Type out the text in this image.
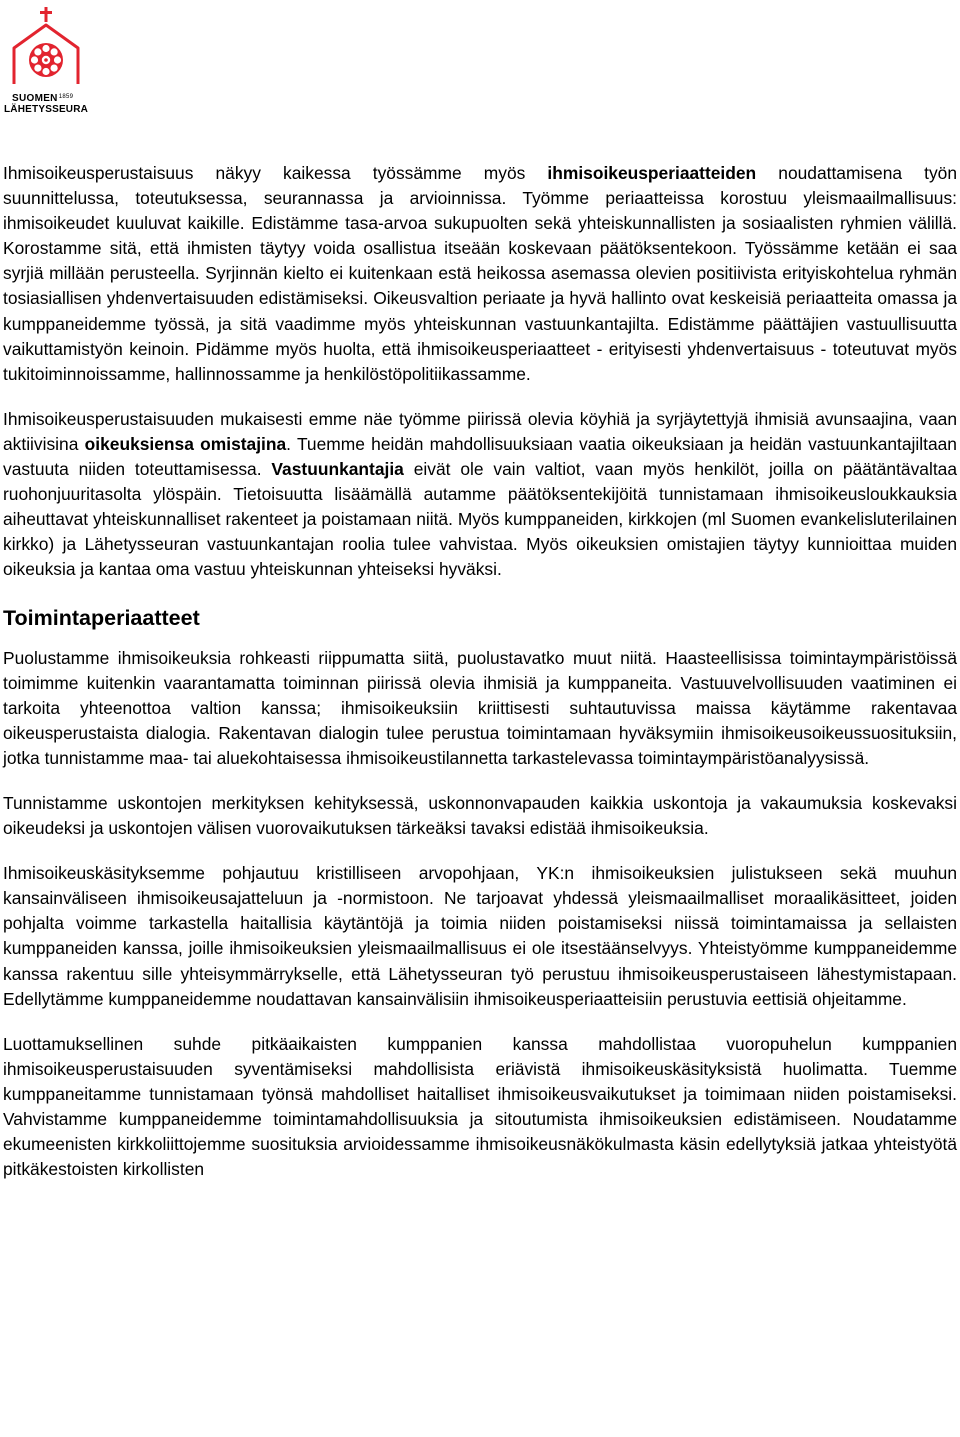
$SUOMEN^{1859}$
LÄHETYSSEURA

Ihmisoikeusperustaisuus näkyy kaikessa työssämme myös ihmisoikeusperiaatteiden noudattamisena työn suunnittelussa, toteutuksessa, seurannassa ja arvioinnissa. Työmme periaatteissa korostuu yleismaailmallisuus: ihmisoikeudet kuuluvat kaikille. Edistämme tasa-arvoa sukupuolten sekä yhteiskunnallisten ja sosiaalisten ryhmien välillä. Korostamme sitä, että ihmisten täytyy voida osallistua itseään koskevaan päätöksentekoon. Työssämme ketään ei saa syrjiä millään perusteella. Syrjinnän kielto ei kuitenkaan estä heikossa asemassa olevien positiivista erityiskohtelua ryhmän tosiasiallisen yhdenvertaisuuden edistämiseksi. Oikeusvaltion periaate ja hyvä hallinto ovat keskeisiä periaatteita omassa ja kumppaneidemme työssä, ja sitä vaadimme myös yhteiskunnan vastuunkantajilta. Edistämme päättäjien vastuullisuutta vaikuttamistyön keinoin. Pidämme myös huolta, että ihmisoikeusperiaatteet - erityisesti yhdenvertaisuus - toteutuvat myös tukitoiminnoissamme, hallinnossamme ja henkilöstöpolitiikassamme.

Ihmisoikeusperustaisuuden mukaisesti emme näe työmme piirissä olevia köyhiä ja syrjäytettyjä ihmisiä avunsaajina, vaan aktiivisina oikeuksiensa omistajina. Tuemme heidän mahdollisuuksiaan vaatia oikeuksiaan ja heidän vastuunkantajiltaan vastuuta niiden toteuttamisessa. Vastuunkantajia eivät ole vain valtiot, vaan myös henkilöt, joilla on päätäntävaltaa ruohonjuuritasolta ylöspäin. Tietoisuutta lisäämällä autamme päätöksentekijöitä tunnistamaan ihmisoikeusloukkauksia aiheuttavat yhteiskunnalliset rakenteet ja poistamaan niitä. Myös kumppaneiden, kirkkojen (ml Suomen evankelisluterilainen kirkko) ja Lähetysseuran vastuunkantajan roolia tulee vahvistaa. Myös oikeuksien omistajien täytyy kunnioittaa muiden oikeuksia ja kantaa oma vastuu yhteiskunnan yhteiseksi hyväksi.

Toimintaperiaatteet

Puolustamme ihmisoikeuksia rohkeasti riippumatta siitä, puolustavatko muut niitä. Haasteellisissa toimintaympäristöissä toimimme kuitenkin vaarantamatta toiminnan piirissä olevia ihmisiä ja kumppaneita. Vastuuvelvollisuuden vaatiminen ei tarkoita yhteenottoa valtion kanssa; ihmisoikeuksiin kriittisesti suhtautuvissa maissa käytämme rakentavaa oikeusperustaista dialogia. Rakentavan dialogin tulee perustua toimintamaan hyväksymiin ihmisoikeusoikeussuosituksiin, jotka tunnistamme maa- tai aluekohtaisessa ihmisoikeustilannetta tarkastelevassa toimintaympäristöanalyysissä.

Tunnistamme uskontojen merkityksen kehityksessä, uskonnonvapauden kaikkia uskontoja ja vakaumuksia koskevaksi oikeudeksi ja uskontojen välisen vuorovaikutuksen tärkeäksi tavaksi edistää ihmisoikeuksia.

Ihmisoikeuskäsityksemme pohjautuu kristilliseen arvopohjaan, YK:n ihmisoikeuksien julistukseen sekä muuhun kansainväliseen ihmisoikeusajatteluun ja -normistoon. Ne tarjoavat yhdessä yleismaailmalliset moraalikäsitteet, joiden pohjalta voimme tarkastella haitallisia käytäntöjä ja toimia niiden poistamiseksi niissä toimintamaissa ja sellaisten kumppaneiden kanssa, joille ihmisoikeuksien yleismaailmallisuus ei ole itsestäänselvyys. Yhteistyömme kumppaneidemme kanssa rakentuu sille yhteisymmärrykselle, että Lähetysseuran työ perustuu ihmisoikeusperustaiseen lähestymistapaan. Edellytämme kumppaneidemme noudattavan kansainvälisiin ihmisoikeusperiaatteisiin perustuvia eettisiä ohjeitamme.

Luottamuksellinen suhde pitkäaikaisten kumppanien kanssa mahdollistaa vuoropuhelun kumppanien ihmisoikeusperustaisuuden syventämiseksi mahdollisista eriävistä ihmisoikeuskäsityksistä huolimatta. Tuemme kumppaneitamme tunnistamaan työnsä mahdolliset haitalliset ihmisoikeusvaikutukset ja toimimaan niiden poistamiseksi. Vahvistamme kumppaneidemme toimintamahdollisuuksia ja sitoutumista ihmisoikeuksien edistämiseen. Noudatamme ekumeenisten kirkkoliittojemme suosituksia arvioidessamme ihmisoikeusnäkökulmasta käsin edellytyksiä jatkaa yhteistyötä pitkäkestoisten kirkollisten
